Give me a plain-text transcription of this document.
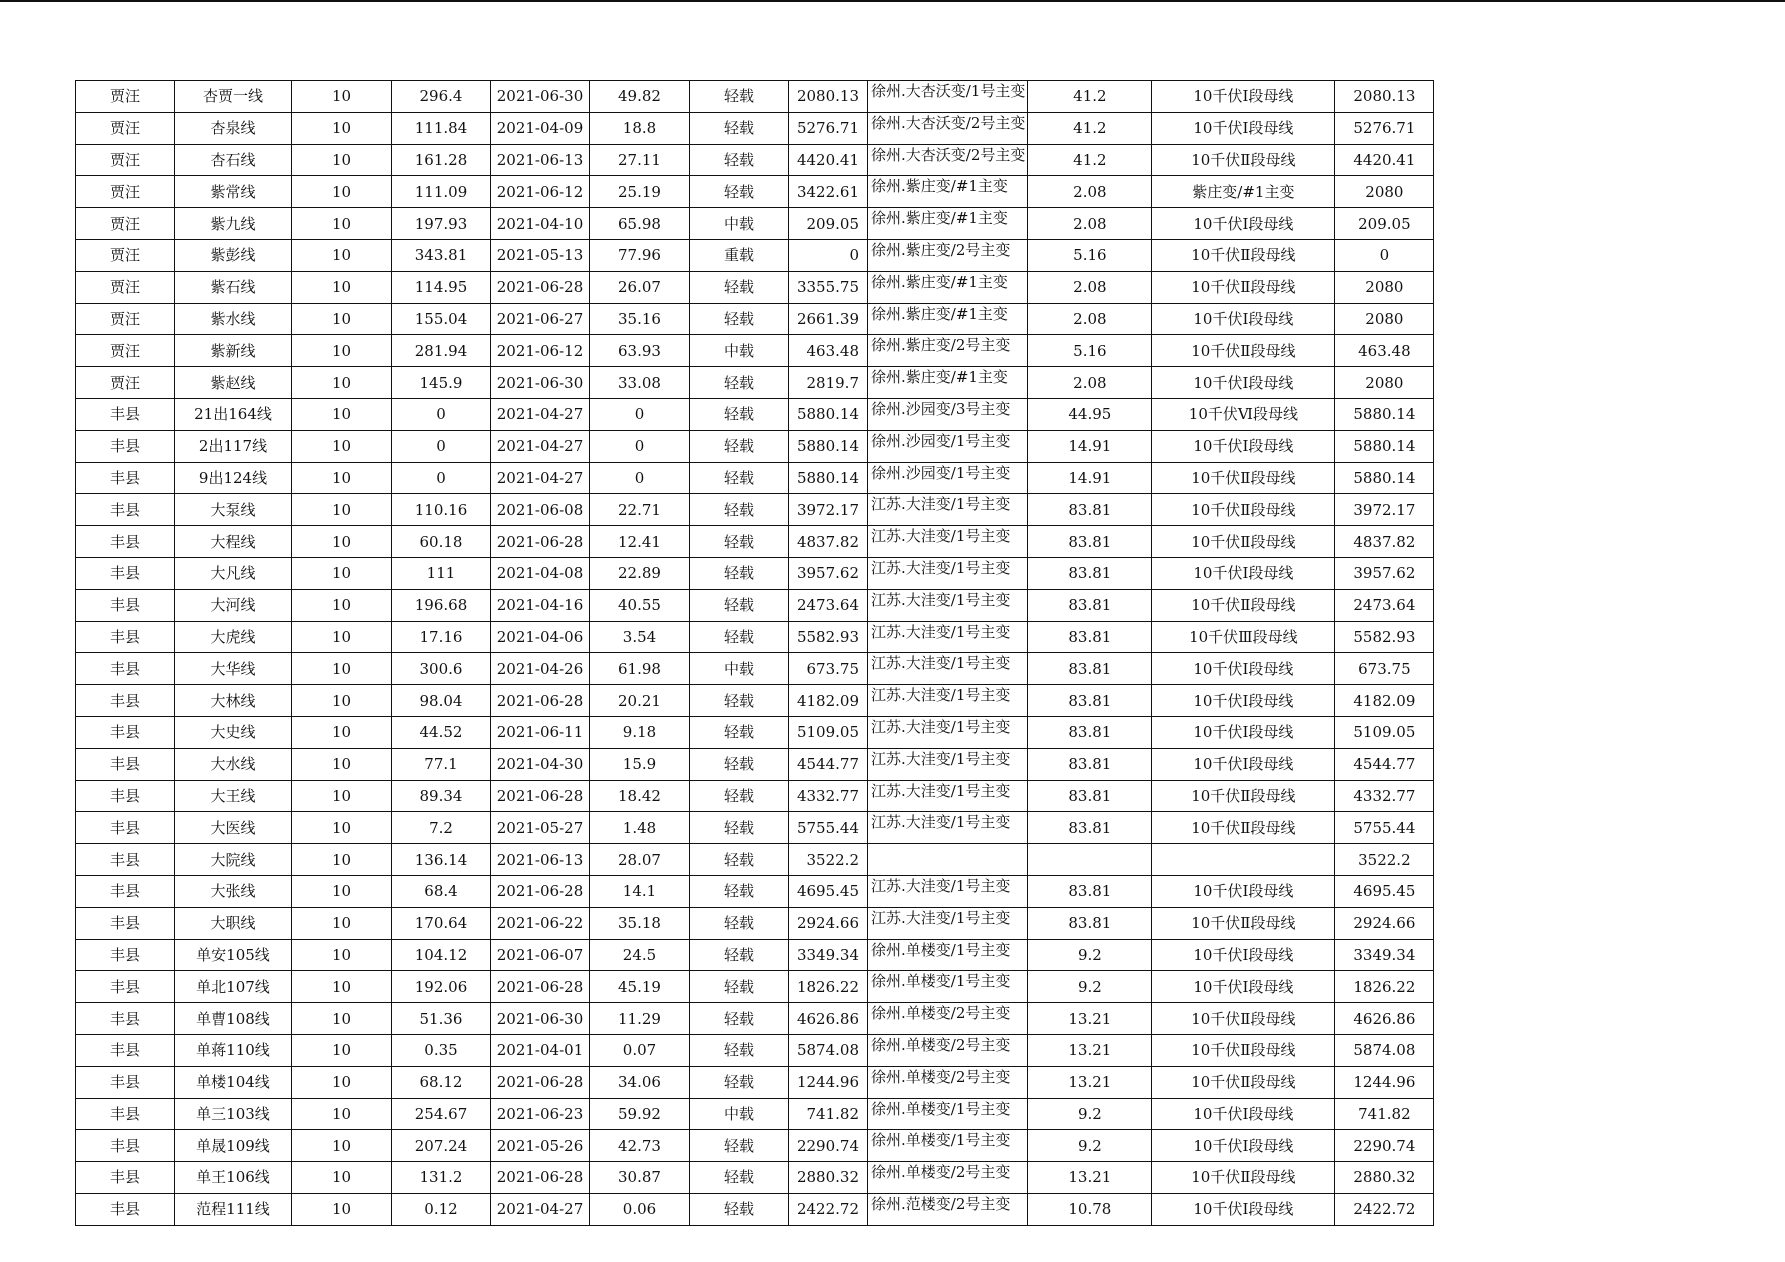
贾汪	杏贾一线	10	296.4	2021-06-30	49.82	轻载	2080.13	徐州.大杏沃变/1号主变	41.2	10千伏Ⅰ段母线	2080.13
贾汪	杏泉线	10	111.84	2021-04-09	18.8	轻载	5276.71	徐州.大杏沃变/2号主变	41.2	10千伏Ⅰ段母线	5276.71
贾汪	杏石线	10	161.28	2021-06-13	27.11	轻载	4420.41	徐州.大杏沃变/2号主变	41.2	10千伏Ⅱ段母线	4420.41
贾汪	紫常线	10	111.09	2021-06-12	25.19	轻载	3422.61	徐州.紫庄变/#1主变	2.08	紫庄变/#1主变	2080
贾汪	紫九线	10	197.93	2021-04-10	65.98	中载	209.05	徐州.紫庄变/#1主变	2.08	10千伏Ⅰ段母线	209.05
贾汪	紫彭线	10	343.81	2021-05-13	77.96	重载	0	徐州.紫庄变/2号主变	5.16	10千伏Ⅱ段母线	0
贾汪	紫石线	10	114.95	2021-06-28	26.07	轻载	3355.75	徐州.紫庄变/#1主变	2.08	10千伏Ⅱ段母线	2080
贾汪	紫水线	10	155.04	2021-06-27	35.16	轻载	2661.39	徐州.紫庄变/#1主变	2.08	10千伏Ⅰ段母线	2080
贾汪	紫新线	10	281.94	2021-06-12	63.93	中载	463.48	徐州.紫庄变/2号主变	5.16	10千伏Ⅱ段母线	463.48
贾汪	紫赵线	10	145.9	2021-06-30	33.08	轻载	2819.7	徐州.紫庄变/#1主变	2.08	10千伏Ⅰ段母线	2080
丰县	21出164线	10	0	2021-04-27	0	轻载	5880.14	徐州.沙园变/3号主变	44.95	10千伏Ⅵ段母线	5880.14
丰县	2出117线	10	0	2021-04-27	0	轻载	5880.14	徐州.沙园变/1号主变	14.91	10千伏Ⅰ段母线	5880.14
丰县	9出124线	10	0	2021-04-27	0	轻载	5880.14	徐州.沙园变/1号主变	14.91	10千伏Ⅱ段母线	5880.14
丰县	大泵线	10	110.16	2021-06-08	22.71	轻载	3972.17	江苏.大洼变/1号主变	83.81	10千伏Ⅱ段母线	3972.17
丰县	大程线	10	60.18	2021-06-28	12.41	轻载	4837.82	江苏.大洼变/1号主变	83.81	10千伏Ⅱ段母线	4837.82
丰县	大凡线	10	111	2021-04-08	22.89	轻载	3957.62	江苏.大洼变/1号主变	83.81	10千伏Ⅰ段母线	3957.62
丰县	大河线	10	196.68	2021-04-16	40.55	轻载	2473.64	江苏.大洼变/1号主变	83.81	10千伏Ⅱ段母线	2473.64
丰县	大虎线	10	17.16	2021-04-06	3.54	轻载	5582.93	江苏.大洼变/1号主变	83.81	10千伏Ⅲ段母线	5582.93
丰县	大华线	10	300.6	2021-04-26	61.98	中载	673.75	江苏.大洼变/1号主变	83.81	10千伏Ⅰ段母线	673.75
丰县	大林线	10	98.04	2021-06-28	20.21	轻载	4182.09	江苏.大洼变/1号主变	83.81	10千伏Ⅰ段母线	4182.09
丰县	大史线	10	44.52	2021-06-11	9.18	轻载	5109.05	江苏.大洼变/1号主变	83.81	10千伏Ⅰ段母线	5109.05
丰县	大水线	10	77.1	2021-04-30	15.9	轻载	4544.77	江苏.大洼变/1号主变	83.81	10千伏Ⅰ段母线	4544.77
丰县	大王线	10	89.34	2021-06-28	18.42	轻载	4332.77	江苏.大洼变/1号主变	83.81	10千伏Ⅱ段母线	4332.77
丰县	大医线	10	7.2	2021-05-27	1.48	轻载	5755.44	江苏.大洼变/1号主变	83.81	10千伏Ⅱ段母线	5755.44
丰县	大院线	10	136.14	2021-06-13	28.07	轻载	3522.2				3522.2
丰县	大张线	10	68.4	2021-06-28	14.1	轻载	4695.45	江苏.大洼变/1号主变	83.81	10千伏Ⅰ段母线	4695.45
丰县	大职线	10	170.64	2021-06-22	35.18	轻载	2924.66	江苏.大洼变/1号主变	83.81	10千伏Ⅱ段母线	2924.66
丰县	单安105线	10	104.12	2021-06-07	24.5	轻载	3349.34	徐州.单楼变/1号主变	9.2	10千伏Ⅰ段母线	3349.34
丰县	单北107线	10	192.06	2021-06-28	45.19	轻载	1826.22	徐州.单楼变/1号主变	9.2	10千伏Ⅰ段母线	1826.22
丰县	单曹108线	10	51.36	2021-06-30	11.29	轻载	4626.86	徐州.单楼变/2号主变	13.21	10千伏Ⅱ段母线	4626.86
丰县	单蒋110线	10	0.35	2021-04-01	0.07	轻载	5874.08	徐州.单楼变/2号主变	13.21	10千伏Ⅱ段母线	5874.08
丰县	单楼104线	10	68.12	2021-06-28	34.06	轻载	1244.96	徐州.单楼变/2号主变	13.21	10千伏Ⅱ段母线	1244.96
丰县	单三103线	10	254.67	2021-06-23	59.92	中载	741.82	徐州.单楼变/1号主变	9.2	10千伏Ⅰ段母线	741.82
丰县	单晟109线	10	207.24	2021-05-26	42.73	轻载	2290.74	徐州.单楼变/1号主变	9.2	10千伏Ⅰ段母线	2290.74
丰县	单王106线	10	131.2	2021-06-28	30.87	轻载	2880.32	徐州.单楼变/2号主变	13.21	10千伏Ⅱ段母线	2880.32
丰县	范程111线	10	0.12	2021-04-27	0.06	轻载	2422.72	徐州.范楼变/2号主变	10.78	10千伏Ⅰ段母线	2422.72
